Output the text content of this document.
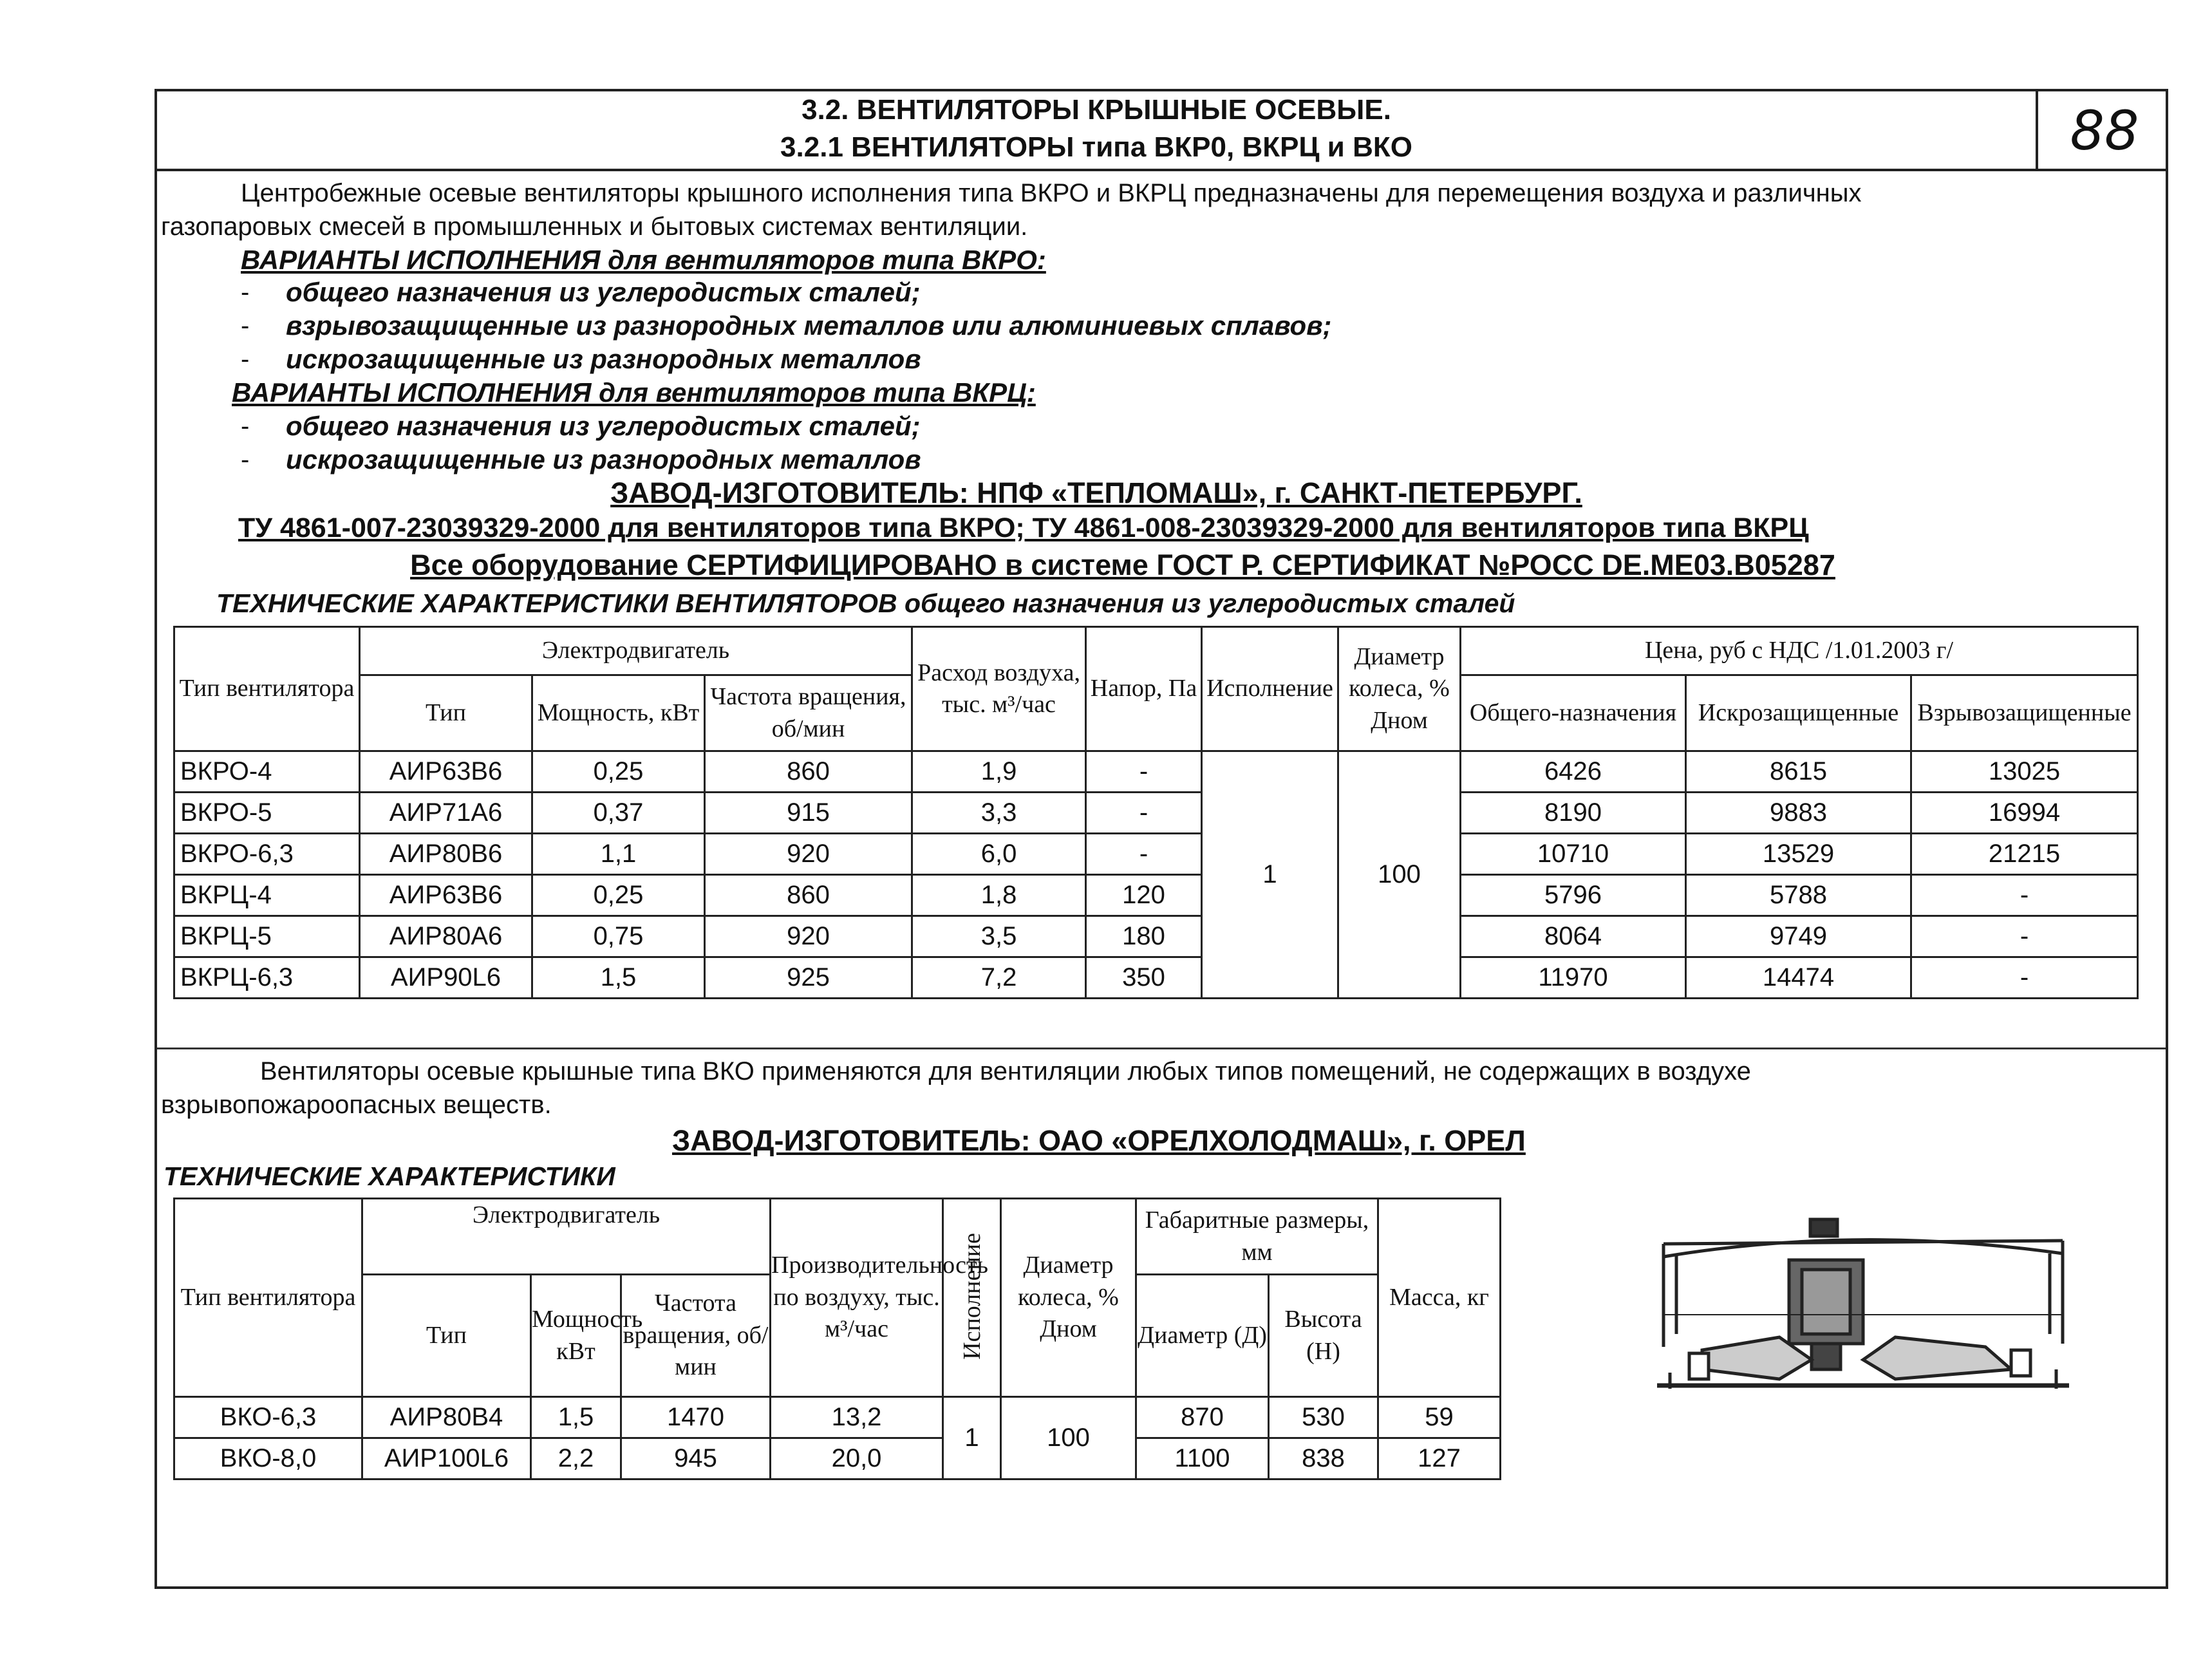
3.2. ВЕНТИЛЯТОРЫ КРЫШНЫЕ ОСЕВЫЕ.
3.2.1 ВЕНТИЛЯТОРЫ типа ВКР0, ВКРЦ и ВКО	88
Центробежные осевые вентиляторы крышного исполнения типа ВКРО и ВКРЦ предназначены для перемещения воздуха и различных
газопаровых смесей в промышленных и бытовых системах вентиляции.
ВАРИАНТЫ ИСПОЛНЕНИЯ для вентиляторов типа ВКРО:
- общего назначения из углеродистых сталей;
- взрывозащищенные из разнородных металлов или алюминиевых сплавов;
- искрозащищенные из разнородных металлов
ВАРИАНТЫ ИСПОЛНЕНИЯ для вентиляторов типа ВКРЦ:
- общего назначения из углеродистых сталей;
- искрозащищенные из разнородных металлов
ЗАВОД-ИЗГОТОВИТЕЛЬ: НПФ «ТЕПЛОМАШ», г. САНКТ-ПЕТЕРБУРГ.
ТУ 4861-007-23039329-2000 для вентиляторов типа ВКРО; ТУ 4861-008-23039329-2000 для вентиляторов типа ВКРЦ
Все оборудование СЕРТИФИЦИРОВАНО в системе ГОСТ Р. СЕРТИФИКАТ №РОСС DE.ME03.B05287
ТЕХНИЧЕСКИЕ ХАРАКТЕРИСТИКИ ВЕНТИЛЯТОРОВ общего назначения из углеродистых сталей
Тип вентилятора	Электродвигатель			Расход воздуха, тыс. м³/час	Напор, Па	Исполнение	Диаметр колеса, % Дном	Цена, руб с НДС /1.01.2003 г/		
	Тип	Мощность, кВт	Частота вращения, об/мин					Общего-назначения	Искрозащищенные	Взрывозащищенные
ВКРО-4	АИР63В6	0,25	860	1,9	-	1	100	6426	8615	13025
ВКРО-5	АИР71А6	0,37	915	3,3	-			8190	9883	16994
ВКРО-6,3	АИР80В6	1,1	920	6,0	-			10710	13529	21215
ВКРЦ-4	АИР63В6	0,25	860	1,8	120			5796	5788	-
ВКРЦ-5	АИР80А6	0,75	920	3,5	180			8064	9749	-
ВКРЦ-6,3	АИР90L6	1,5	925	7,2	350			11970	14474	-
Вентиляторы осевые крышные типа ВКО применяются для вентиляции любых типов помещений, не содержащих в воздухе
взрывопожароопасных веществ.
ЗАВОД-ИЗГОТОВИТЕЛЬ: ОАО «ОРЕЛХОЛОДМАШ», г. ОРЕЛ
ТЕХНИЧЕСКИЕ ХАРАКТЕРИСТИКИ
Тип вентилятора	Электродвигатель			Производительность по воздуху, тыс. м³/час	Исполнение	Диаметр колеса, % Дном	Габаритные размеры, мм		Масса, кг
	Тип	Мощность кВт	Частота вращения, об/мин				Диаметр (Д)	Высота (Н)	
ВКО-6,3	АИР80В4	1,5	1470	13,2	1	100	870	530	59
ВКО-8,0	АИР100L6	2,2	945	20,0			1100	838	127
